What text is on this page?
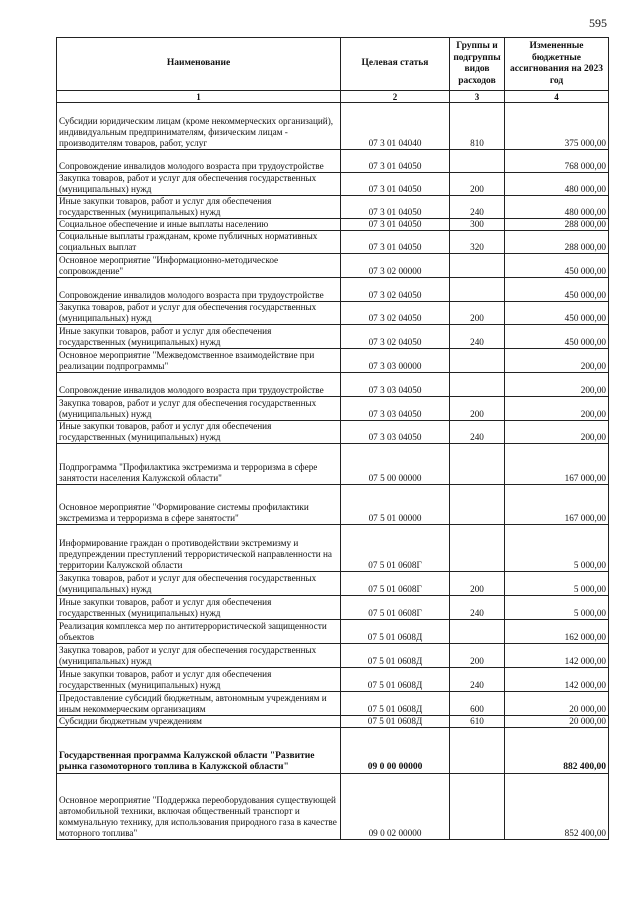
595
Наименование	Целевая статья	Группы и подгруппы видов расходов	Измененные бюджетные ассигнования на 2023 год
1	2	3	4
Субсидии юридическим лицам (кроме некоммерческих организаций), индивидуальным предпринимателям, физическим лицам - производителям товаров, работ, услуг	07 3 01 04040	810	375 000,00
Сопровождение инвалидов молодого возраста при трудоустройстве	07 3 01 04050		768 000,00
Закупка товаров, работ и услуг для обеспечения государственных (муниципальных) нужд	07 3 01 04050	200	480 000,00
Иные закупки товаров, работ и услуг для обеспечения государственных (муниципальных) нужд	07 3 01 04050	240	480 000,00
Социальное обеспечение и иные выплаты населению	07 3 01 04050	300	288 000,00
Социальные выплаты гражданам, кроме публичных нормативных социальных выплат	07 3 01 04050	320	288 000,00
Основное мероприятие "Информационно-методическое сопровождение"	07 3 02 00000		450 000,00
Сопровождение инвалидов молодого возраста при трудоустройстве	07 3 02 04050		450 000,00
Закупка товаров, работ и услуг для обеспечения государственных (муниципальных) нужд	07 3 02 04050	200	450 000,00
Иные закупки товаров, работ и услуг для обеспечения государственных (муниципальных) нужд	07 3 02 04050	240	450 000,00
Основное мероприятие "Межведомственное взаимодействие при реализации подпрограммы"	07 3 03 00000		200,00
Сопровождение инвалидов молодого возраста при трудоустройстве	07 3 03 04050		200,00
Закупка товаров, работ и услуг для обеспечения государственных (муниципальных) нужд	07 3 03 04050	200	200,00
Иные закупки товаров, работ и услуг для обеспечения государственных (муниципальных) нужд	07 3 03 04050	240	200,00
Подпрограмма "Профилактика экстремизма и терроризма в сфере занятости населения Калужской области"	07 5 00 00000		167 000,00
Основное мероприятие "Формирование системы профилактики экстремизма и терроризма в сфере занятости"	07 5 01 00000		167 000,00
Информирование граждан о противодействии экстремизму и предупреждении преступлений террористической направленности на территории Калужской области	07 5 01 0608Г		5 000,00
Закупка товаров, работ и услуг для обеспечения государственных (муниципальных) нужд	07 5 01 0608Г	200	5 000,00
Иные закупки товаров, работ и услуг для обеспечения государственных (муниципальных) нужд	07 5 01 0608Г	240	5 000,00
Реализация комплекса мер по антитеррористической защищенности объектов	07 5 01 0608Д		162 000,00
Закупка товаров, работ и услуг для обеспечения государственных (муниципальных) нужд	07 5 01 0608Д	200	142 000,00
Иные закупки товаров, работ и услуг для обеспечения государственных (муниципальных) нужд	07 5 01 0608Д	240	142 000,00
Предоставление субсидий бюджетным, автономным учреждениям и иным некоммерческим организациям	07 5 01 0608Д	600	20 000,00
Субсидии бюджетным учреждениям	07 5 01 0608Д	610	20 000,00
Государственная программа Калужской области "Развитие рынка газомоторного топлива в Калужской области"	09 0 00 00000		882 400,00
Основное мероприятие "Поддержка переоборудования существующей автомобильной техники, включая общественный транспорт и коммунальную технику, для использования природного газа в качестве моторного топлива"	09 0 02 00000		852 400,00
